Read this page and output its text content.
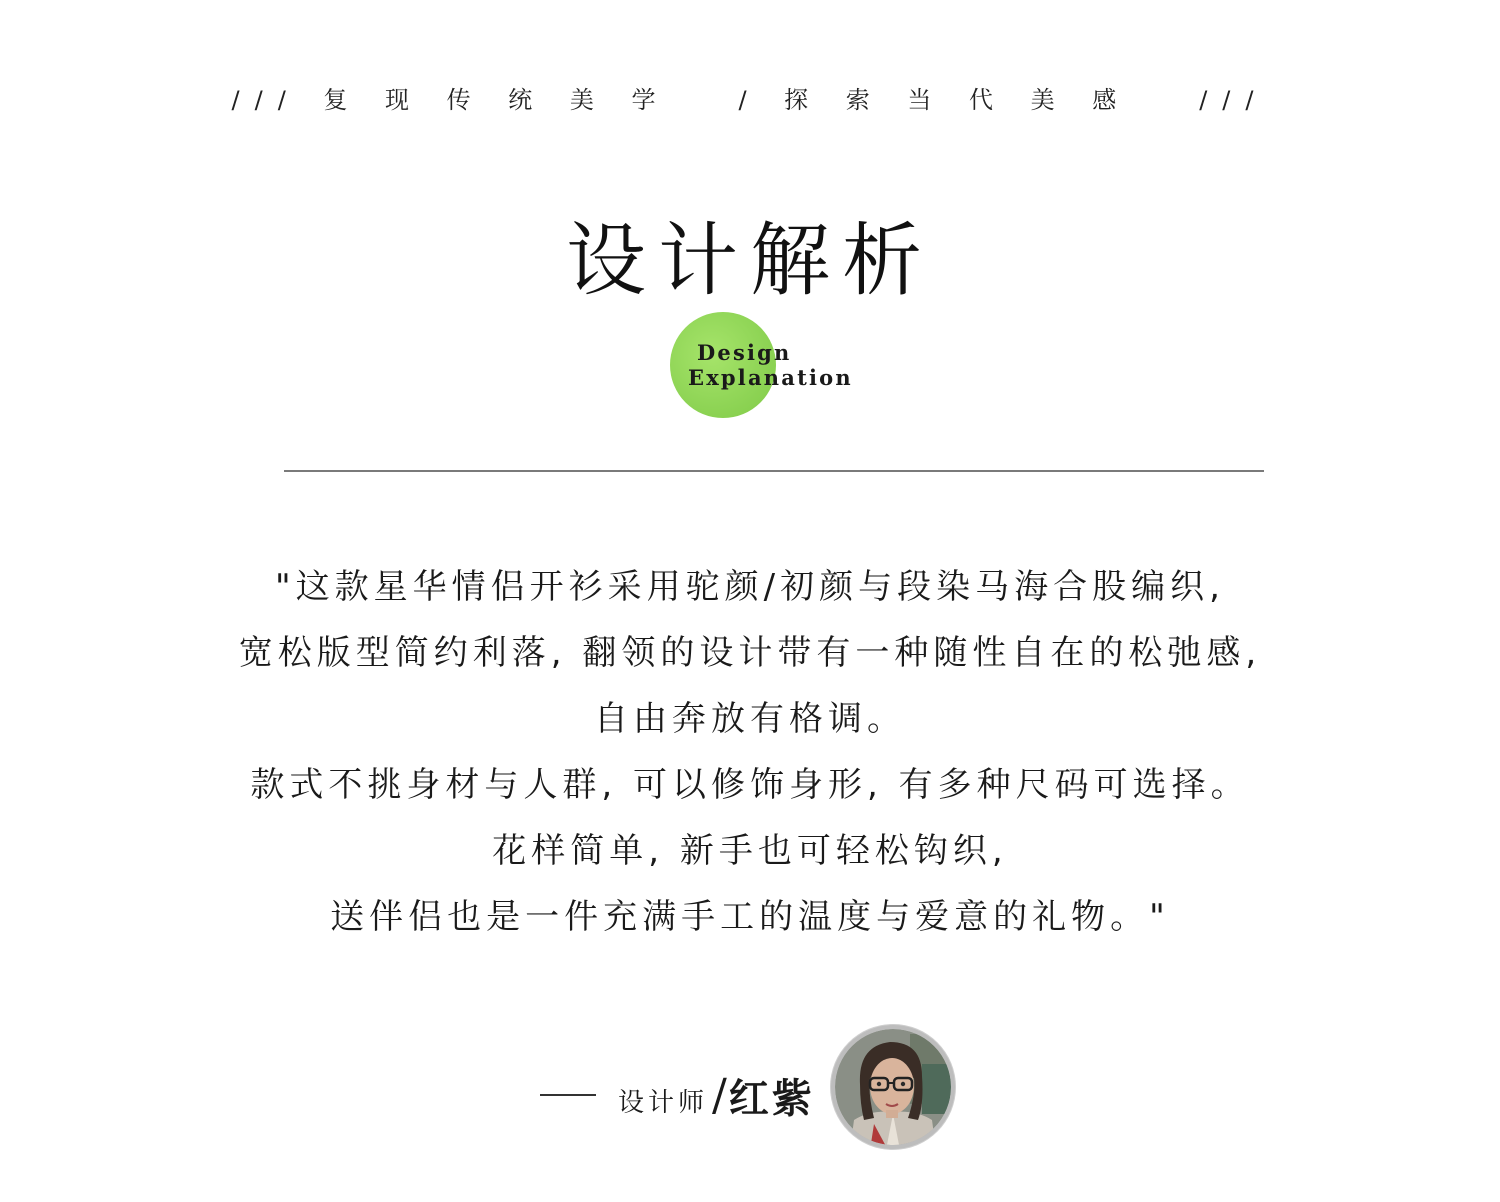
/// 复 现 传 统 美 学   / 探 索 当 代 美 感   ///
设计解析
Design
Explanation
"这款星华情侣开衫采用驼颜/初颜与段染马海合股编织,
宽松版型简约利落, 翻领的设计带有一种随性自在的松弛感,
自由奔放有格调。
款式不挑身材与人群, 可以修饰身形, 有多种尺码可选择。
花样简单, 新手也可轻松钩织,
送伴侣也是一件充满手工的温度与爱意的礼物。"
设计师 / 红紫
